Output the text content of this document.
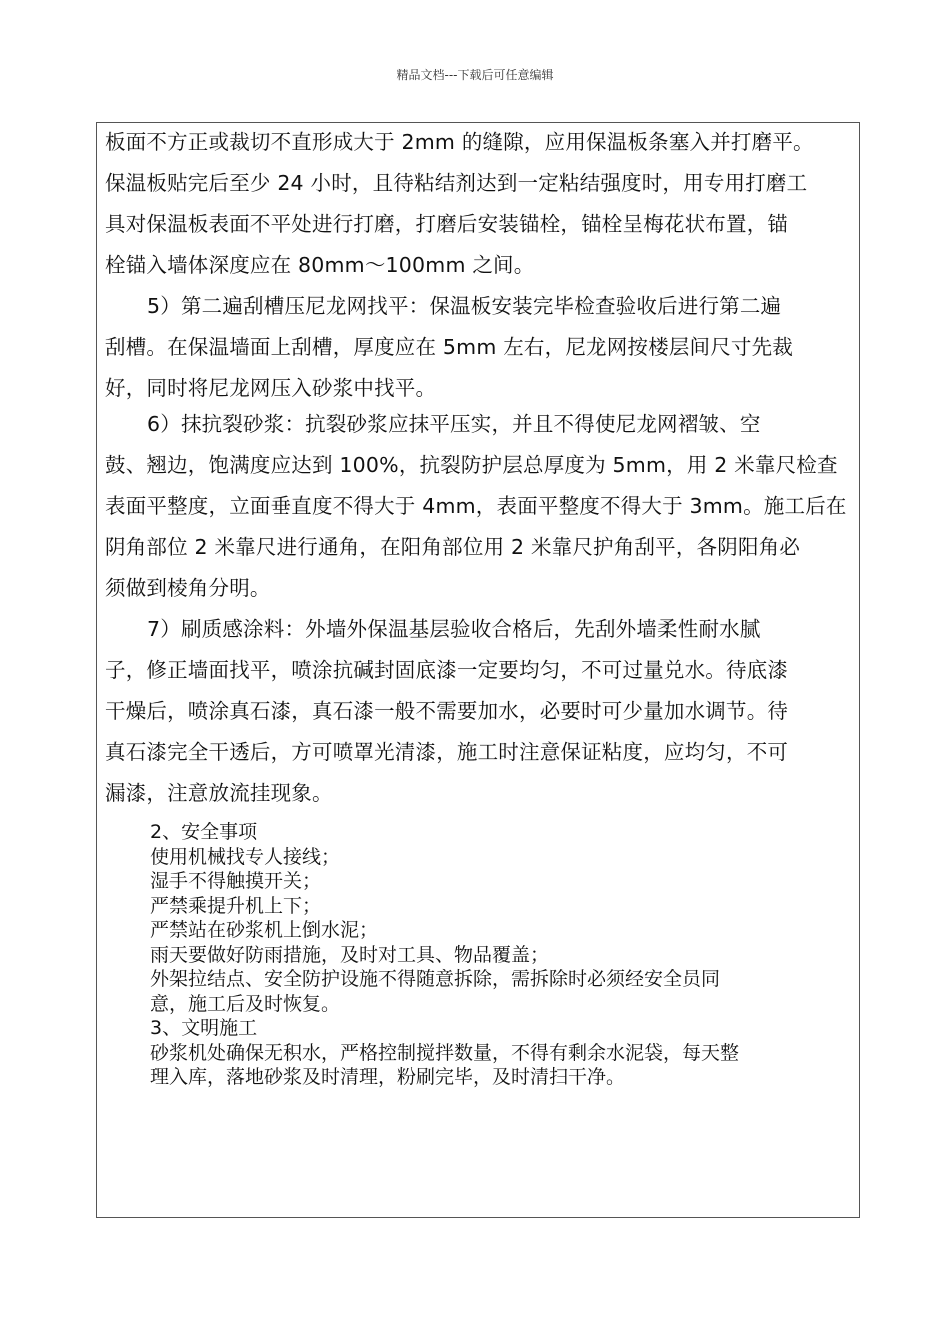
精品文档---下载后可任意编辑
板面不方正或裁切不直形成大于 2mm 的缝隙，应用保温板条塞入并打磨平。
保温板贴完后至少 24 小时，且待粘结剂达到一定粘结强度时，用专用打磨工
具对保温板表面不平处进行打磨，打磨后安装锚栓，锚栓呈梅花状布置，锚
栓锚入墙体深度应在 80mm～100mm 之间。
5）第二遍刮槽压尼龙网找平：保温板安装完毕检查验收后进行第二遍
刮槽。在保温墙面上刮槽，厚度应在 5mm 左右，尼龙网按楼层间尺寸先裁
好，同时将尼龙网压入砂浆中找平。
6）抹抗裂砂浆：抗裂砂浆应抹平压实，并且不得使尼龙网褶皱、空
鼓、翘边，饱满度应达到 100%，抗裂防护层总厚度为 5mm，用 2 米靠尺检查
表面平整度，立面垂直度不得大于 4mm，表面平整度不得大于 3mm。施工后在
阴角部位 2 米靠尺进行通角，在阳角部位用 2 米靠尺护角刮平，各阴阳角必
须做到棱角分明。
7）刷质感涂料：外墙外保温基层验收合格后，先刮外墙柔性耐水腻
子，修正墙面找平，喷涂抗碱封固底漆一定要均匀，不可过量兑水。待底漆
干燥后，喷涂真石漆，真石漆一般不需要加水，必要时可少量加水调节。待
真石漆完全干透后，方可喷罩光清漆，施工时注意保证粘度，应均匀，不可
漏漆，注意放流挂现象。
2、安全事项
使用机械找专人接线；
湿手不得触摸开关；
严禁乘提升机上下；
严禁站在砂浆机上倒水泥；
雨天要做好防雨措施，及时对工具、物品覆盖；
外架拉结点、安全防护设施不得随意拆除，需拆除时必须经安全员同
意，施工后及时恢复。
3、文明施工
砂浆机处确保无积水，严格控制搅拌数量，不得有剩余水泥袋，每天整
理入库，落地砂浆及时清理，粉刷完毕，及时清扫干净。
